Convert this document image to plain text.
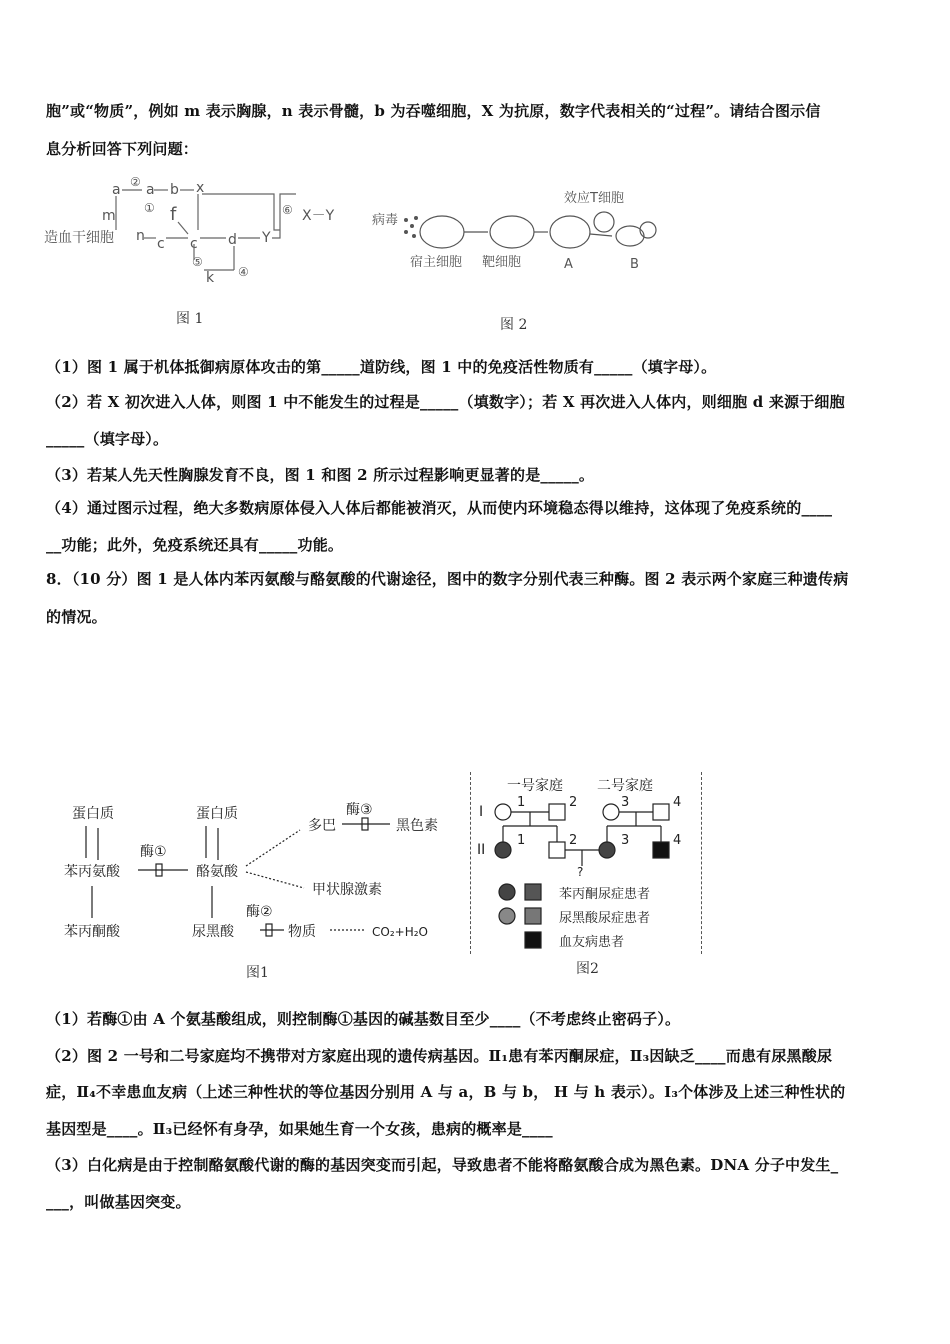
胞”或“物质”，例如 m 表示胸腺，n 表示骨髓，b 为吞噬细胞，X 为抗原，数字代表相关的“过程”。请结合图示信
息分析回答下列问题：
造血干细胞
a a b x
m
n c c
f
d Y
k
X－Y
②
①
⑤
④
⑥
图 1
病毒
宿主细胞 靶细胞
效应T细胞
A	B
图 2
（1）图 1 属于机体抵御病原体攻击的第_____道防线，图 1 中的免疫活性物质有_____（填字母）。
（2）若 X 初次进入人体，则图 1 中不能发生的过程是_____（填数字）；若 X 再次进入人体内，则细胞 d 来源于细胞
_____（填字母）。
（3）若某人先天性胸腺发育不良，图 1 和图 2 所示过程影响更显著的是_____。
（4）通过图示过程，绝大多数病原体侵入人体后都能被消灭，从而使内环境稳态得以维持，这体现了免疫系统的____
__功能；此外，免疫系统还具有_____功能。
8．（10 分）图 1 是人体内苯丙氨酸与酪氨酸的代谢途径，图中的数字分别代表三种酶。图 2 表示两个家庭三种遗传病
的情况。
蛋白质
苯丙氨酸
苯丙酮酸
蛋白质
酪氨酸
尿黑酸
多巴	黑色素
甲状腺激素
物质	CO₂+H₂O
酶①
酶②
酶③
图1
一号家庭 二号家庭
I
II
1	2	3	4
1	2	3	4
?
苯丙酮尿症患者
尿黑酸尿症患者
血友病患者
图2
（1）若酶①由 A 个氨基酸组成，则控制酶①基因的碱基数目至少____（不考虑终止密码子）。
（2）图 2 一号和二号家庭均不携带对方家庭出现的遗传病基因。Ⅱ₁患有苯丙酮尿症，Ⅱ₃因缺乏____而患有尿黑酸尿
症，Ⅱ₄不幸患血友病（上述三种性状的等位基因分别用 A 与 a，B 与 b， H 与 h 表示）。I₃个体涉及上述三种性状的
基因型是____。Ⅱ₃已经怀有身孕，如果她生育一个女孩，患病的概率是____
（3）白化病是由于控制酪氨酸代谢的酶的基因突变而引起，导致患者不能将酪氨酸合成为黑色素。DNA 分子中发生_
___，叫做基因突变。
